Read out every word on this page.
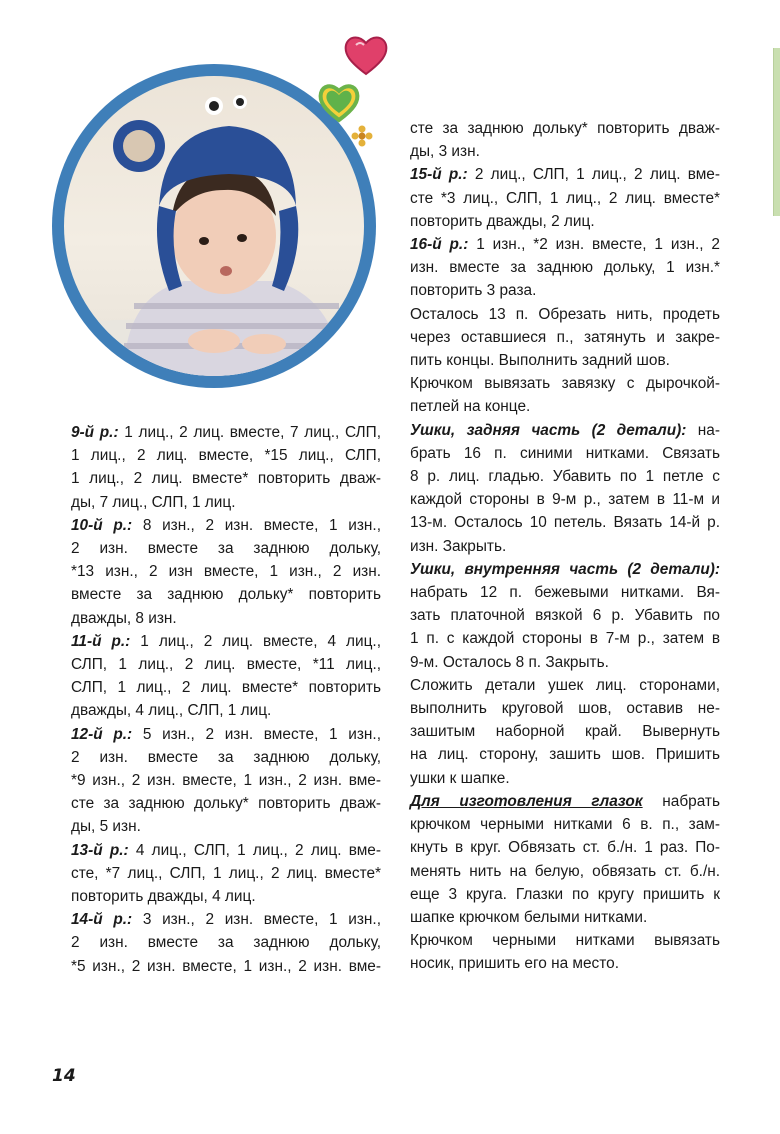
9-й р.: 1 лиц., 2 лиц. вместе, 7 лиц., СЛП,
1 лиц., 2 лиц. вместе, *15 лиц., СЛП,
1 лиц., 2 лиц. вместе* повторить двaж-
ды, 7 лиц., СЛП, 1 лиц.
10-й р.: 8 изн., 2 изн. вместе, 1 изн.,
2 изн. вместе за заднюю дольку,
*13 изн., 2 изн вместе, 1 изн., 2 изн.
вместе за заднюю дольку* повторить
дважды, 8 изн.
11-й р.: 1 лиц., 2 лиц. вместе, 4 лиц.,
СЛП, 1 лиц., 2 лиц. вместе, *11 лиц.,
СЛП, 1 лиц., 2 лиц. вместе* повторить
дважды, 4 лиц., СЛП, 1 лиц.
12-й р.: 5 изн., 2 изн. вместе, 1 изн.,
2 изн. вместе за заднюю дольку,
*9 изн., 2 изн. вместе, 1 изн., 2 изн. вме-
сте за заднюю дольку* повторить двaж-
ды, 5 изн.
13-й р.: 4 лиц., СЛП, 1 лиц., 2 лиц. вме-
сте, *7 лиц., СЛП, 1 лиц., 2 лиц. вместе*
повторить дважды, 4 лиц.
14-й р.: 3 изн., 2 изн. вместе, 1 изн.,
2 изн. вместе за заднюю дольку,
*5 изн., 2 изн. вместе, 1 изн., 2 изн. вме-
сте за заднюю дольку* повторить двaж-
ды, 3 изн.
15-й р.: 2 лиц., СЛП, 1 лиц., 2 лиц. вме-
сте *3 лиц., СЛП, 1 лиц., 2 лиц. вместе*
повторить дважды, 2 лиц.
16-й р.: 1 изн., *2 изн. вместе, 1 изн., 2
изн. вместе за заднюю дольку, 1 изн.*
повторить 3 раза.
Осталось 13 п. Обрезать нить, продеть
через оставшиеся п., затянуть и закре-
пить концы. Выполнить задний шов.
Крючком вывязать завязку с дырочкой-
петлей на конце.
Ушки, задняя часть (2 детали): на-
брать 16 п. синими нитками. Связать
8 р. лиц. гладью. Убавить по 1 петле с
каждой стороны в 9-м р., затем в 11-м и
13-м. Осталось 10 петель. Вязать 14-й р.
изн. Закрыть.
Ушки, внутренняя часть (2 детали):
набрать 12 п. бежевыми нитками. Вя-
зать платочной вязкой 6 р. Убавить по
1 п. с каждой стороны в 7-м р., затем в
9-м. Осталось 8 п. Закрыть.
Сложить детали ушек лиц. сторонами,
выполнить круговой шов, оставив не-
зашитым наборной край. Вывернуть
на лиц. сторону, зашить шов. Пришить
ушки к шапке.
Для изготовления глазок набрать
крючком черными нитками 6 в. п., зам-
кнуть в круг. Обвязать ст. б./н. 1 раз. По-
менять нить на белую, обвязать ст. б./н.
еще 3 круга. Глазки по кругу пришить к
шапке крючком белыми нитками.
Крючком черными нитками вывязать
носик, пришить его на место.
14
